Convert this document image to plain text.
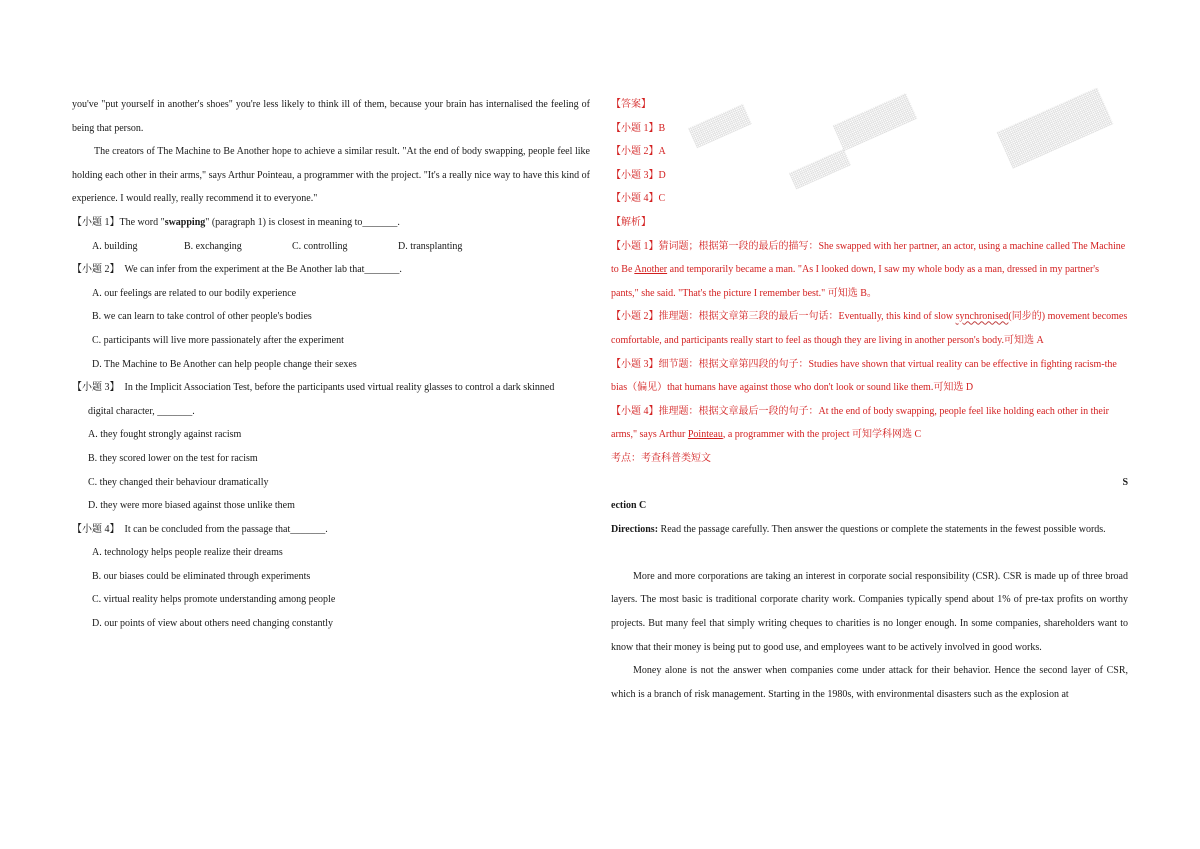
you've "put yourself in another's shoes" you're less likely to think ill of them, because your brain has internalised the feeling of being that person.

The creators of The Machine to Be Another hope to achieve a similar result. "At the end of body swapping, people feel like holding each other in their arms," says Arthur Pointeau, a programmer with the project. "It's a really nice way to have this kind of experience. I would really, really recommend it to everyone."

【小题 1】The word "swapping" (paragraph 1) is closest in meaning to_______.
A. building	B. exchanging	C. controlling	D. transplanting
【小题 2】 We can infer from the experiment at the Be Another lab that_______.
A. our feelings are related to our bodily experience
B. we can learn to take control of other people's bodies
C. participants will live more passionately after the experiment
D. The Machine to Be Another can help people change their sexes
【小题 3】 In the Implicit Association Test, before the participants used virtual reality glasses to control a dark skinned
digital character, _______.
A. they fought strongly against racism
B. they scored lower on the test for racism
C. they changed their behaviour dramatically
D. they were more biased against those unlike them
【小题 4】 It can be concluded from the passage that_______.
A. technology helps people realize their dreams
B. our biases could be eliminated through experiments
C. virtual reality helps promote understanding among people
D. our points of view about others need changing constantly
【答案】
【小题 1】B
【小题 2】A
【小题 3】D
【小题 4】C
【解析】

【小题 1】猜词题；根据第一段的最后的描写：She swapped with her partner, an actor, using a machine called The Machine to Be Another and temporarily became a man. "As I looked down, I saw my whole body as a man, dressed in my partner's pants," she said. "That's the picture I remember best." 可知选 B。

【小题 2】推理题：根据文章第三段的最后一句话：Eventually, this kind of slow synchronised(同步的) movement becomes comfortable, and participants really start to feel as though they are living in another person's body.可知选 A

【小题 3】细节题：根据文章第四段的句子：Studies have shown that virtual reality can be effective in fighting racism-the bias（偏见）that humans have against those who don't look or sound like them.可知选 D

【小题 4】推理题：根据文章最后一段的句子：At the end of body swapping, people feel like holding each other in their arms," says Arthur Pointeau, a programmer with the project 可知学科网选 C

考点：考查科普类短文
S
ection C

Directions: Read the passage carefully. Then answer the questions or complete the statements in the fewest possible words.

More and more corporations are taking an interest in corporate social responsibility (CSR). CSR is made up of three broad layers. The most basic is traditional corporate charity work. Companies typically spend about 1% of pre-tax profits on worthy projects. But many feel that simply writing cheques to charities is no longer enough. In some companies, shareholders want to know that their money is being put to good use, and employees want to be actively involved in good works.

Money alone is not the answer when companies come under attack for their behavior. Hence the second layer of CSR, which is a branch of risk management. Starting in the 1980s, with environmental disasters such as the explosion at
